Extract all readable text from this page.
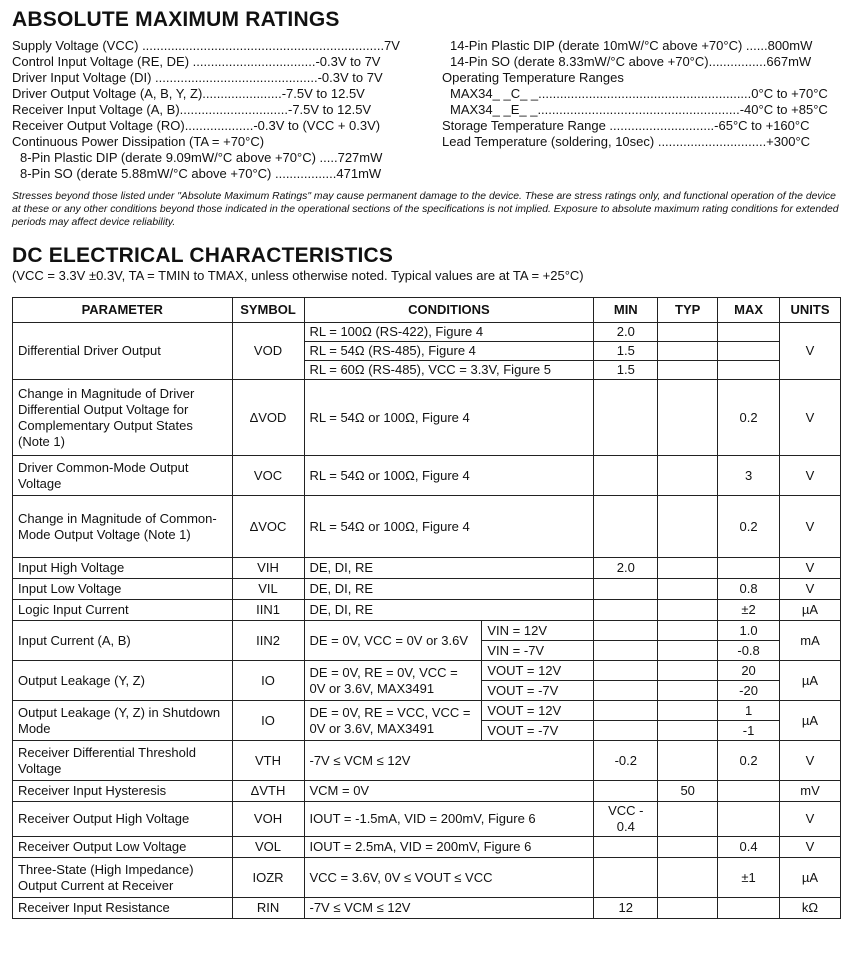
ABSOLUTE MAXIMUM RATINGS
Supply Voltage (VCC) ...................................................................7V
Control Input Voltage (RE, DE) ..................................-0.3V to 7V
Driver Input Voltage (DI) .............................................-0.3V to 7V
Driver Output Voltage (A, B, Y, Z)......................-7.5V to 12.5V
Receiver Input Voltage (A, B)..............................-7.5V to 12.5V
Receiver Output Voltage (RO)...................-0.3V to (VCC + 0.3V)
Continuous Power Dissipation (TA = +70°C)
8-Pin Plastic DIP (derate 9.09mW/°C above +70°C) .....727mW
8-Pin SO (derate 5.88mW/°C above +70°C) .................471mW
14-Pin Plastic DIP (derate 10mW/°C above +70°C) ......800mW
14-Pin SO (derate 8.33mW/°C above +70°C)................667mW
Operating Temperature Ranges
MAX34_ _C_ _...........................................................0°C to +70°C
MAX34_ _E_ _........................................................-40°C to +85°C
Storage Temperature Range .............................-65°C to +160°C
Lead Temperature (soldering, 10sec) ..............................+300°C
Stresses beyond those listed under "Absolute Maximum Ratings" may cause permanent damage to the device. These are stress ratings only, and functional operation of the device at these or any other conditions beyond those indicated in the operational sections of the specifications is not implied. Exposure to absolute maximum rating conditions for extended periods may affect device reliability.
DC ELECTRICAL CHARACTERISTICS
(VCC = 3.3V ±0.3V, TA = TMIN to TMAX, unless otherwise noted. Typical values are at TA = +25°C)
PARAMETER	SYMBOL	CONDITIONS		MIN	TYP	MAX	UNITS
Differential Driver Output	VOD	RL = 100Ω (RS-422), Figure 4		2.0			V
		RL = 54Ω (RS-485), Figure 4		1.5			
		RL = 60Ω (RS-485), VCC = 3.3V, Figure 5		1.5			
Change in Magnitude of Driver Differential Output Voltage for Complementary Output States (Note 1)	ΔVOD	RL = 54Ω or 100Ω, Figure 4				0.2	V
Driver Common-Mode Output Voltage	VOC	RL = 54Ω or 100Ω, Figure 4				3	V
Change in Magnitude of Common-Mode Output Voltage (Note 1)	ΔVOC	RL = 54Ω or 100Ω, Figure 4				0.2	V
Input High Voltage	VIH	DE, DI, RE		2.0			V
Input Low Voltage	VIL	DE, DI, RE				0.8	V
Logic Input Current	IIN1	DE, DI, RE				±2	µA
Input Current (A, B)	IIN2	DE = 0V, VCC = 0V or 3.6V	VIN = 12V			1.0	mA
			VIN = -7V			-0.8	
Output Leakage (Y, Z)	IO	DE = 0V, RE = 0V, VCC = 0V or 3.6V, MAX3491	VOUT = 12V			20	µA
			VOUT = -7V			-20	
Output Leakage (Y, Z) in Shutdown Mode	IO	DE = 0V, RE = VCC, VCC = 0V or 3.6V, MAX3491	VOUT = 12V			1	µA
			VOUT = -7V			-1	
Receiver Differential Threshold Voltage	VTH	-7V ≤ VCM ≤ 12V		-0.2		0.2	V
Receiver Input Hysteresis	ΔVTH	VCM = 0V			50		mV
Receiver Output High Voltage	VOH	IOUT = -1.5mA, VID = 200mV, Figure 6		VCC - 0.4			V
Receiver Output Low Voltage	VOL	IOUT = 2.5mA, VID = 200mV, Figure 6				0.4	V
Three-State (High Impedance) Output Current at Receiver	IOZR	VCC = 3.6V, 0V ≤ VOUT ≤ VCC				±1	µA
Receiver Input Resistance	RIN	-7V ≤ VCM ≤ 12V		12			kΩ
